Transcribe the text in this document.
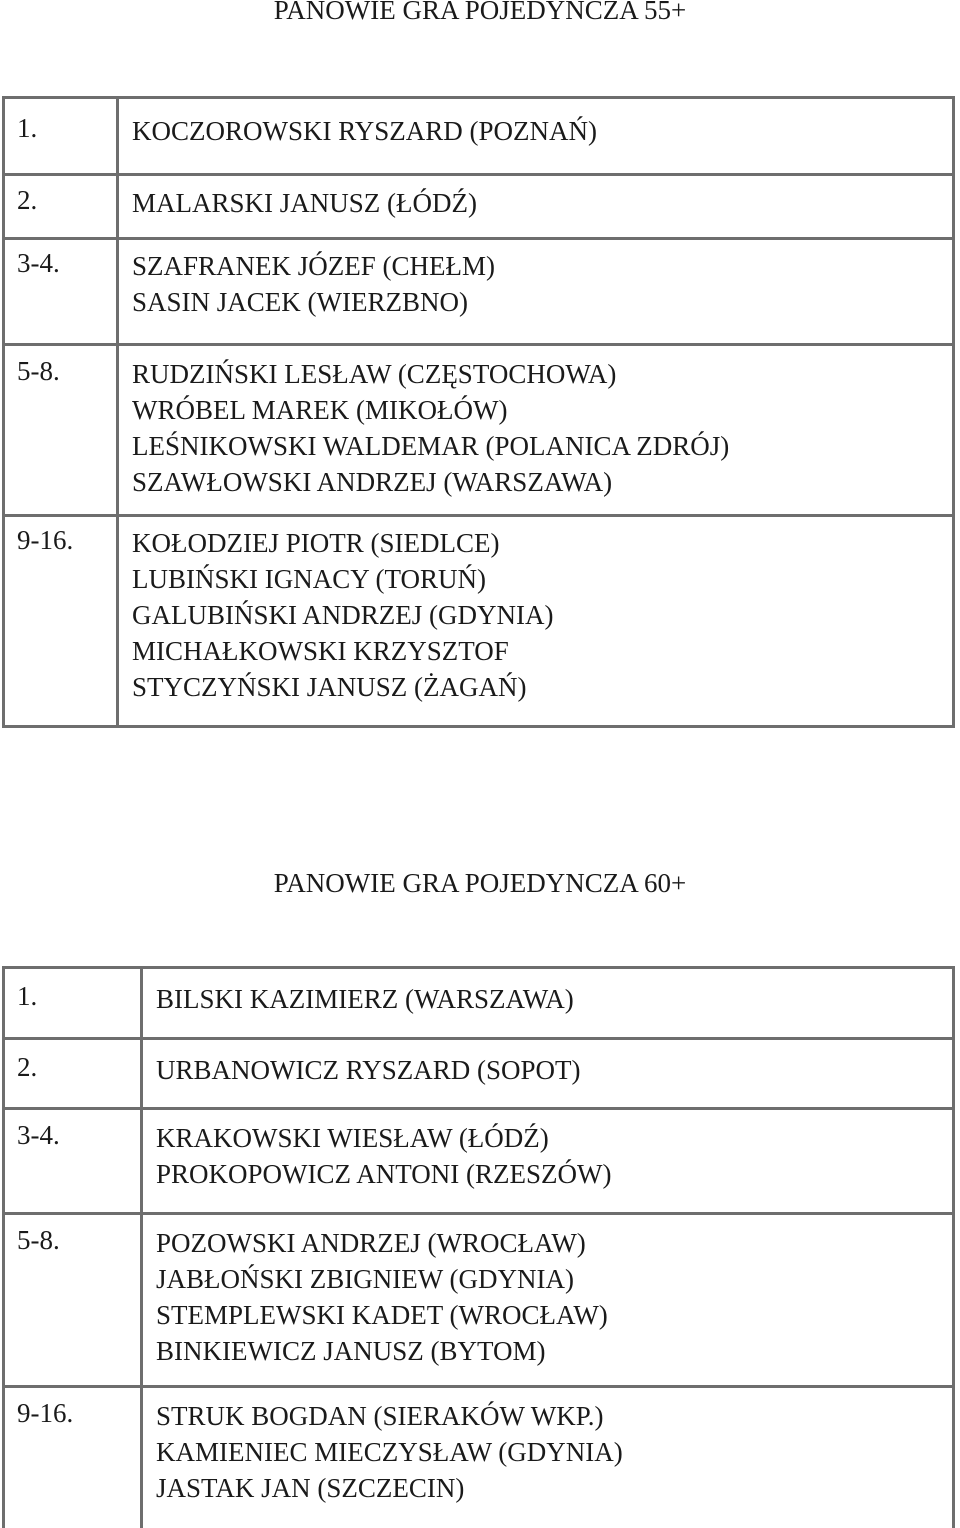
PANOWIE GRA POJEDYNCZA 55+
1.	KOCZOROWSKI RYSZARD (POZNAŃ)

2.	MALARSKI JANUSZ (ŁÓDŹ)

3-4.	SZAFRANEK JÓZEF (CHEŁM)
SASIN JACEK (WIERZBNO)

5-8.	RUDZIŃSKI LESŁAW (CZĘSTOCHOWA)
WRÓBEL MAREK (MIKOŁÓW)
LEŚNIKOWSKI WALDEMAR (POLANICA ZDRÓJ)
SZAWŁOWSKI ANDRZEJ (WARSZAWA)

9-16.	KOŁODZIEJ PIOTR (SIEDLCE)
LUBIŃSKI IGNACY (TORUŃ)
GALUBIŃSKI ANDRZEJ (GDYNIA)
MICHAŁKOWSKI KRZYSZTOF
STYCZYŃSKI JANUSZ (ŻAGAŃ)
PANOWIE GRA POJEDYNCZA 60+
1.	BILSKI KAZIMIERZ (WARSZAWA)

2.	URBANOWICZ RYSZARD (SOPOT)

3-4.	KRAKOWSKI WIESŁAW (ŁÓDŹ)
PROKOPOWICZ ANTONI (RZESZÓW)

5-8.	POZOWSKI ANDRZEJ (WROCŁAW)
JABŁOŃSKI ZBIGNIEW (GDYNIA)
STEMPLEWSKI KADET (WROCŁAW)
BINKIEWICZ JANUSZ (BYTOM)

9-16.	STRUK BOGDAN (SIERAKÓW WKP.)
KAMIENIEC MIECZYSŁAW (GDYNIA)
JASTAK JAN (SZCZECIN)
